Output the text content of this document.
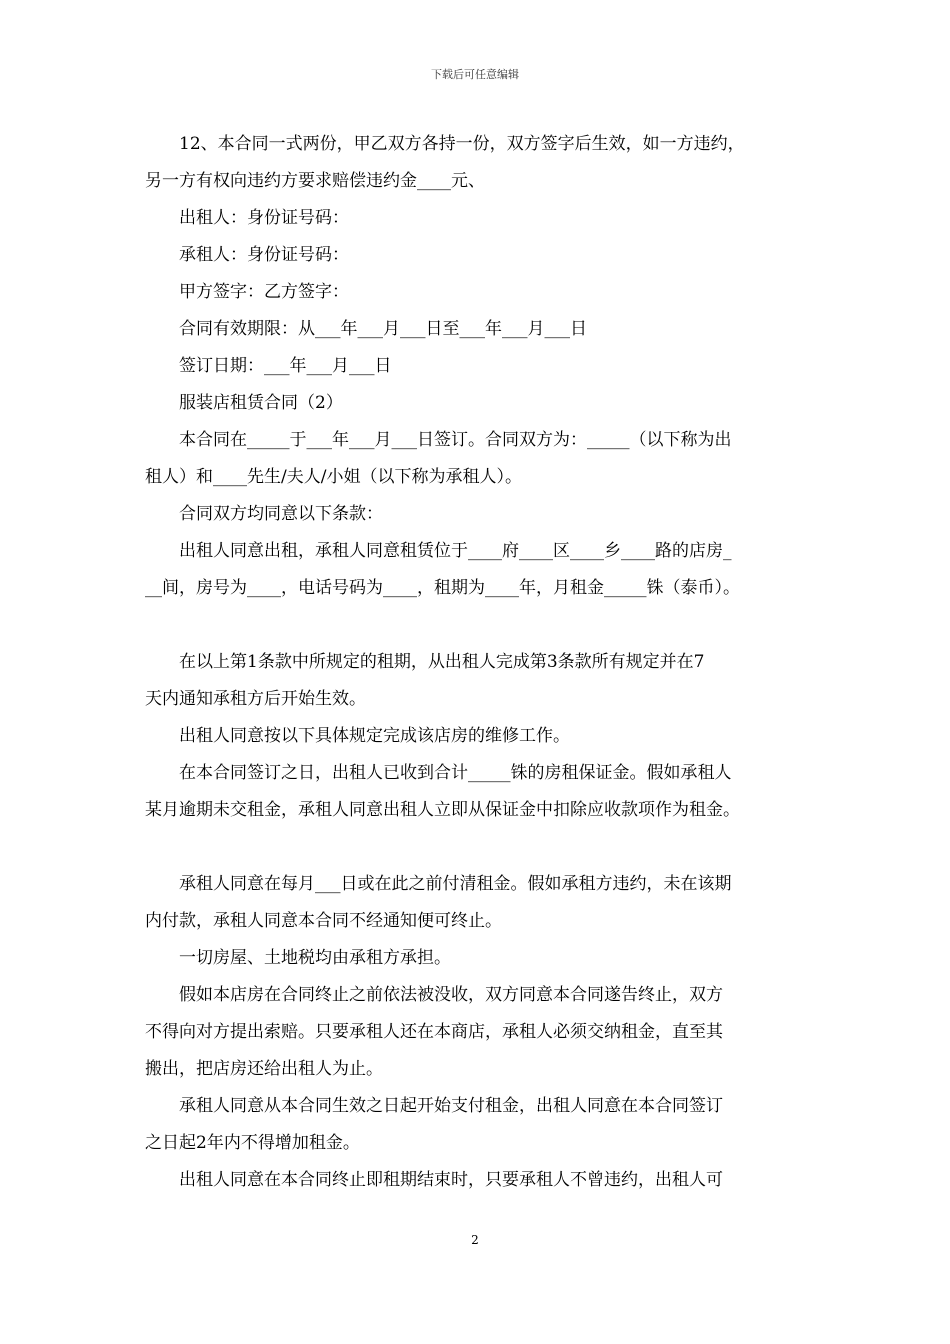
下载后可任意编辑

12、本合同一式两份，甲乙双方各持一份，双方签字后生效，如一方违约，

另一方有权向违约方要求赔偿违约金____元、

出租人：身份证号码：

承租人：身份证号码：

甲方签字：乙方签字：

合同有效期限：从___年___月___日至___年___月___日

签订日期：___年___月___日

服装店租赁合同（2）

本合同在_____于___年___月___日签订。合同双方为：_____（以下称为出

租人）和____先生/夫人/小姐（以下称为承租人）。

合同双方均同意以下条款：

出租人同意出租，承租人同意租赁位于____府____区____乡____路的店房_

__间，房号为____，电话号码为____，租期为____年，月租金_____铢（泰币）。

在以上第1条款中所规定的租期，从出租人完成第3条款所有规定并在7

天内通知承租方后开始生效。

出租人同意按以下具体规定完成该店房的维修工作。

在本合同签订之日，出租人已收到合计_____铢的房租保证金。假如承租人

某月逾期未交租金，承租人同意出租人立即从保证金中扣除应收款项作为租金。

承租人同意在每月___日或在此之前付清租金。假如承租方违约，未在该期

内付款，承租人同意本合同不经通知便可终止。

一切房屋、土地税均由承租方承担。

假如本店房在合同终止之前依法被没收，双方同意本合同遂告终止，双方

不得向对方提出索赔。只要承租人还在本商店，承租人必须交纳租金，直至其

搬出，把店房还给出租人为止。

承租人同意从本合同生效之日起开始支付租金，出租人同意在本合同签订

之日起2年内不得增加租金。

出租人同意在本合同终止即租期结束时，只要承租人不曾违约，出租人可

2
